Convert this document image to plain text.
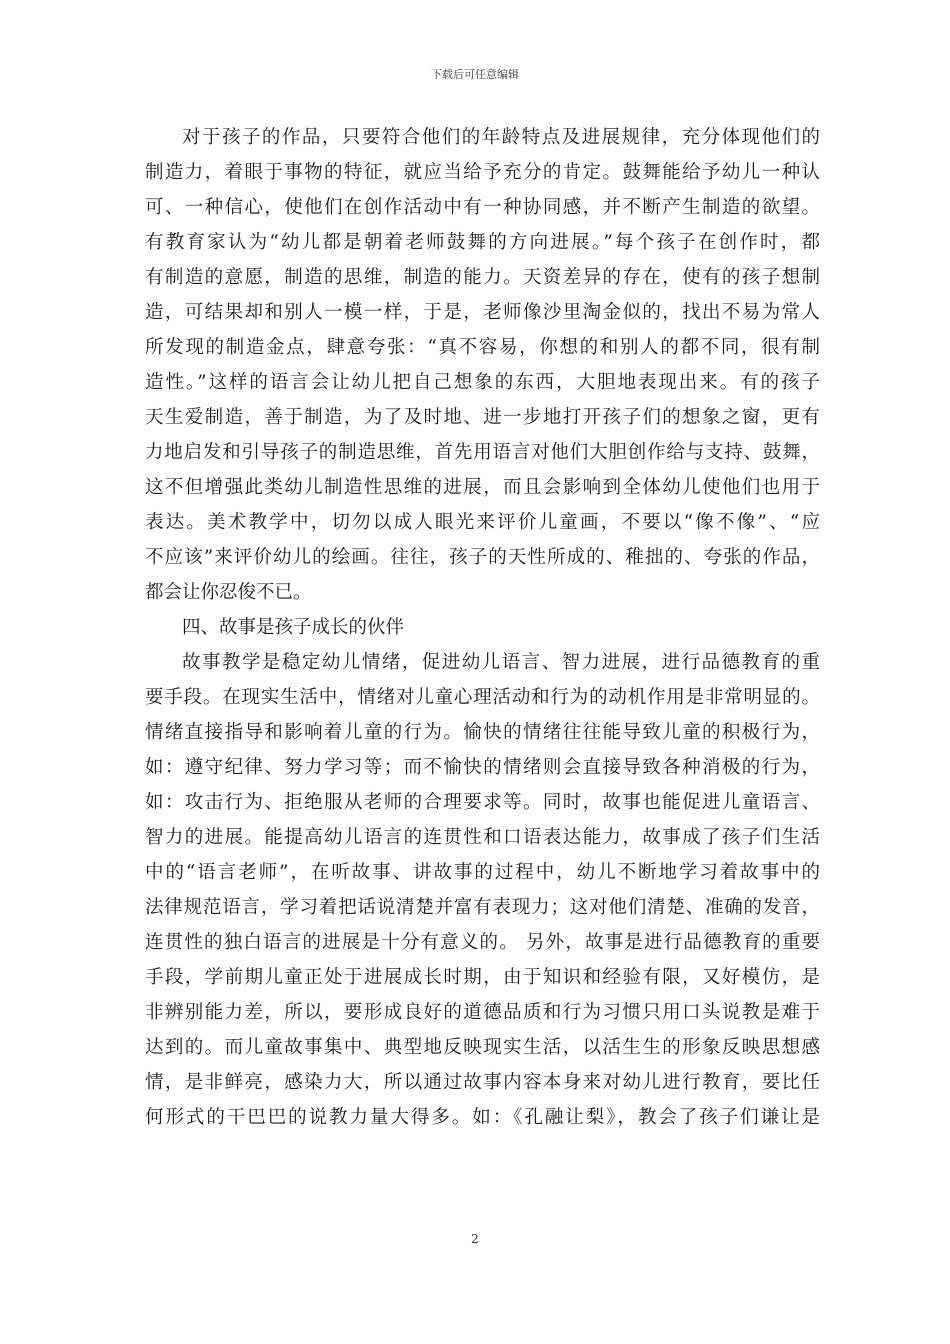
下载后可任意编辑
对于孩子的作品，只要符合他们的年龄特点及进展规律，充分体现他们的
制造力，着眼于事物的特征，就应当给予充分的肯定。鼓舞能给予幼儿一种认
可、一种信心，使他们在创作活动中有一种协同感，并不断产生制造的欲望。
有教育家认为“幼儿都是朝着老师鼓舞的方向进展。”每个孩子在创作时，都
有制造的意愿，制造的思维，制造的能力。天资差异的存在，使有的孩子想制
造，可结果却和别人一模一样，于是，老师像沙里淘金似的，找出不易为常人
所发现的制造金点，肆意夸张：“真不容易，你想的和别人的都不同，很有制
造性。”这样的语言会让幼儿把自己想象的东西，大胆地表现出来。有的孩子
天生爱制造，善于制造，为了及时地、进一步地打开孩子们的想象之窗，更有
力地启发和引导孩子的制造思维，首先用语言对他们大胆创作给与支持、鼓舞，
这不但增强此类幼儿制造性思维的进展，而且会影响到全体幼儿使他们也用于
表达。美术教学中，切勿以成人眼光来评价儿童画，不要以“像不像”、“应
不应该”来评价幼儿的绘画。往往，孩子的天性所成的、稚拙的、夸张的作品，
都会让你忍俊不已。
四、故事是孩子成长的伙伴
故事教学是稳定幼儿情绪，促进幼儿语言、智力进展，进行品德教育的重
要手段。在现实生活中，情绪对儿童心理活动和行为的动机作用是非常明显的。
情绪直接指导和影响着儿童的行为。愉快的情绪往往能导致儿童的积极行为，
如：遵守纪律、努力学习等；而不愉快的情绪则会直接导致各种消极的行为，
如：攻击行为、拒绝服从老师的合理要求等。同时，故事也能促进儿童语言、
智力的进展。能提高幼儿语言的连贯性和口语表达能力，故事成了孩子们生活
中的“语言老师”，在听故事、讲故事的过程中，幼儿不断地学习着故事中的
法律规范语言，学习着把话说清楚并富有表现力；这对他们清楚、准确的发音，
连贯性的独白语言的进展是十分有意义的。 另外，故事是进行品德教育的重要
手段，学前期儿童正处于进展成长时期，由于知识和经验有限，又好模仿，是
非辨别能力差，所以，要形成良好的道德品质和行为习惯只用口头说教是难于
达到的。而儿童故事集中、典型地反映现实生活，以活生生的形象反映思想感
情，是非鲜亮，感染力大，所以通过故事内容本身来对幼儿进行教育，要比任
何形式的干巴巴的说教力量大得多。如：《孔融让梨》，教会了孩子们谦让是
2
